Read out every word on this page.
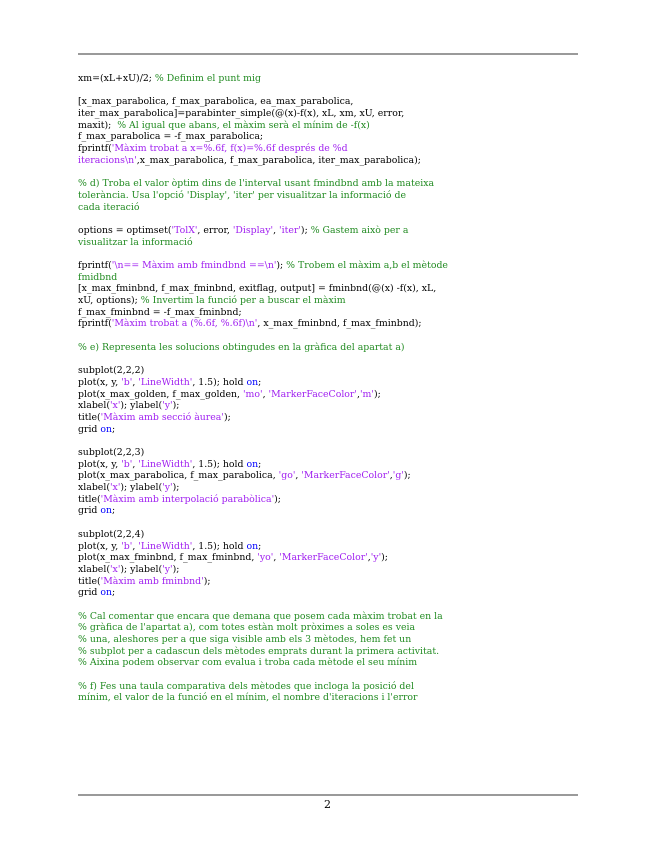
xm=(xL+xU)/2; % Definim el punt mig
[x_max_parabolica, f_max_parabolica, ea_max_parabolica,
iter_max_parabolica]=parabinter_simple(@(x)-f(x), xL, xm, xU, error,
maxit);  % Al igual que abans, el màxim serà el mínim de -f(x)
f_max_parabolica = -f_max_parabolica;
fprintf('Màxim trobat a x=%.6f, f(x)=%.6f després de %d
iteracions\n',x_max_parabolica, f_max_parabolica, iter_max_parabolica);
% d) Troba el valor òptim dins de l'interval usant fmindbnd amb la mateixa
tolerància. Usa l'opció 'Display', 'iter' per visualitzar la informació de
cada iteració
options = optimset('TolX', error, 'Display', 'iter'); % Gastem això per a
visualitzar la informació
fprintf('\n== Màxim amb fmindbnd ==\n'); % Trobem el màxim a,b el mètode
fmidbnd
[x_max_fminbnd, f_max_fminbnd, exitflag, output] = fminbnd(@(x) -f(x), xL,
xU, options); % Invertim la funció per a buscar el màxim
f_max_fminbnd = -f_max_fminbnd;
fprintf('Màxim trobat a (%.6f, %.6f)\n', x_max_fminbnd, f_max_fminbnd);
% e) Representa les solucions obtingudes en la gràfica del apartat a)
subplot(2,2,2)
plot(x, y, 'b', 'LineWidth', 1.5); hold on;
plot(x_max_golden, f_max_golden, 'mo', 'MarkerFaceColor','m');
xlabel('x'); ylabel('y');
title('Màxim amb secció àurea');
grid on;
subplot(2,2,3)
plot(x, y, 'b', 'LineWidth', 1.5); hold on;
plot(x_max_parabolica, f_max_parabolica, 'go', 'MarkerFaceColor','g');
xlabel('x'); ylabel('y');
title('Màxim amb interpolació parabòlica');
grid on;
subplot(2,2,4)
plot(x, y, 'b', 'LineWidth', 1.5); hold on;
plot(x_max_fminbnd, f_max_fminbnd, 'yo', 'MarkerFaceColor','y');
xlabel('x'); ylabel('y');
title('Màxim amb fminbnd');
grid on;
% Cal comentar que encara que demana que posem cada màxim trobat en la
% gràfica de l'apartat a), com totes estàn molt pròximes a soles es veia
% una, aleshores per a que siga visible amb els 3 mètodes, hem fet un
% subplot per a cadascun dels mètodes emprats durant la primera activitat.
% Aixina podem observar com evalua i troba cada mètode el seu mínim
% f) Fes una taula comparativa dels mètodes que incloga la posició del
mínim, el valor de la funció en el mínim, el nombre d'iteracions i l'error
2
